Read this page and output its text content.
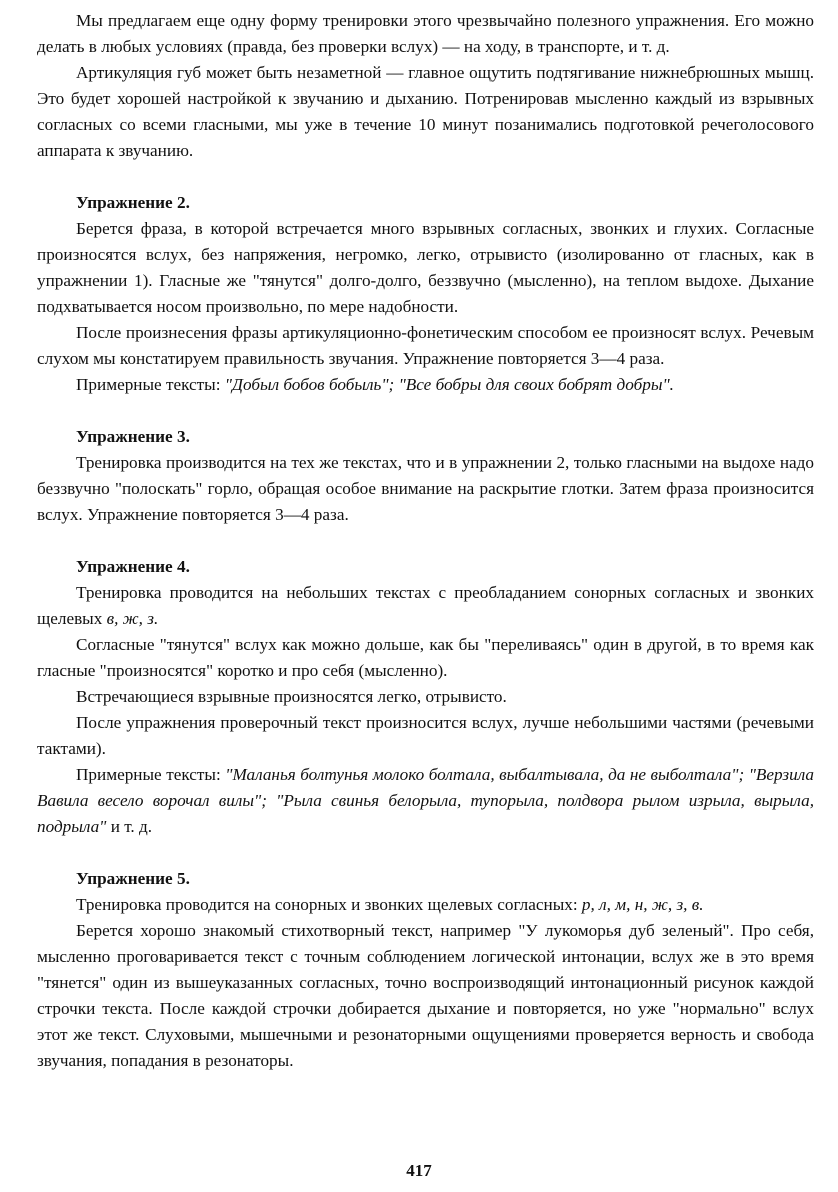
Мы предлагаем еще одну форму тренировки этого чрезвычайно полезного упражнения. Его можно делать в любых условиях (правда, без проверки вслух) — на ходу, в транспорте, и т. д.

Артикуляция губ может быть незаметной — главное ощутить подтягивание нижнебрюшных мышц. Это будет хорошей настройкой к звучанию и дыханию. Потренировав мысленно каждый из взрывных согласных со всеми гласными, мы уже в течение 10 минут позанимались подготовкой речеголосового аппарата к звучанию.

Упражнение 2.

Берется фраза, в которой встречается много взрывных согласных, звонких и глухих. Согласные произносятся вслух, без напряжения, негромко, легко, отрывисто (изолированно от гласных, как в упражнении 1). Гласные же "тянутся" долго-долго, беззвучно (мысленно), на теплом выдохе. Дыхание подхватывается носом произвольно, по мере надобности.

После произнесения фразы артикуляционно-фонетическим способом ее произносят вслух. Речевым слухом мы констатируем правильность звучания. Упражнение повторяется 3—4 раза.

Примерные тексты: "Добыл бобов бобыль"; "Все бобры для своих бобрят добры".

Упражнение 3.

Тренировка производится на тех же текстах, что и в упражнении 2, только гласными на выдохе надо беззвучно "полоскать" горло, обращая особое внимание на раскрытие глотки. Затем фраза произносится вслух. Упражнение повторяется 3—4 раза.

Упражнение 4.

Тренировка проводится на небольших текстах с преобладанием сонорных согласных и звонких щелевых в, ж, з.

Согласные "тянутся" вслух как можно дольше, как бы "переливаясь" один в другой, в то время как гласные "произносятся" коротко и про себя (мысленно).

Встречающиеся взрывные произносятся легко, отрывисто.

После упражнения проверочный текст произносится вслух, лучше небольшими частями (речевыми тактами).

Примерные тексты: "Маланья болтунья молоко болтала, выбалтывала, да не выболтала"; "Верзила Вавила весело ворочал вилы"; "Рыла свинья белорыла, тупорыла, полдвора рылом изрыла, вырыла, подрыла" и т. д.

Упражнение 5.

Тренировка проводится на сонорных и звонких щелевых согласных: р, л, м, н, ж, з, в.

Берется хорошо знакомый стихотворный текст, например "У лукоморья дуб зеленый". Про себя, мысленно проговаривается текст с точным соблюдением логической интонации, вслух же в это время "тянется" один из вышеуказанных согласных, точно воспроизводящий интонационный рисунок каждой строчки текста. После каждой строчки добирается дыхание и повторяется, но уже "нормально" вслух этот же текст. Слуховыми, мышечными и резонаторными ощущениями проверяется верность и свобода звучания, попадания в резонаторы.

417
